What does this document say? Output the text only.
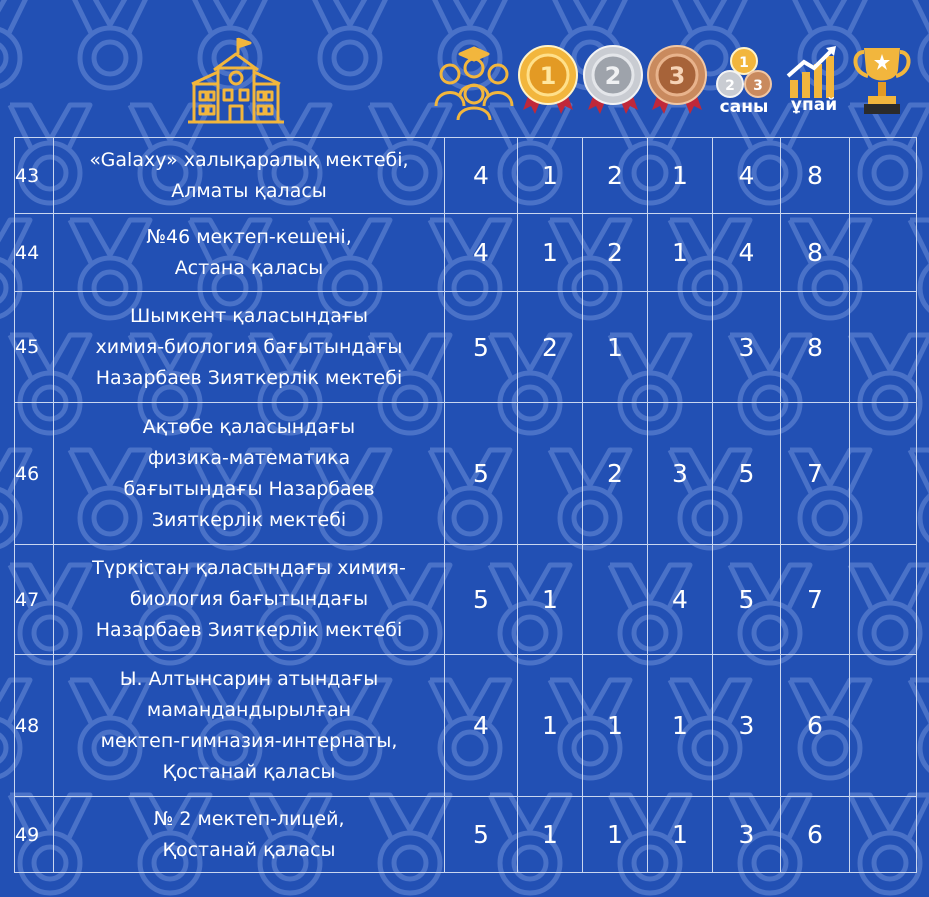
1 2 3	1
2 3
саны ұпай
43	«Galaxy» халықаралық мектебі,
Алматы қаласы	4	1	2	1	4	8	
44	№46 мектеп-кешені,
Астана қаласы	4	1	2	1	4	8	
45	Шымкент қаласындағы
химия-биология бағытындағы
Назарбаев Зияткерлік мектебі	5	2	1		3	8	
46	Ақтөбе қаласындағы
физика-математика
бағытындағы Назарбаев
Зияткерлік мектебі	5		2	3	5	7	
47	Түркістан қаласындағы химия-
биология бағытындағы
Назарбаев Зияткерлік мектебі	5	1		4	5	7	
48	Ы. Алтынсарин атындағы
мамандандырылған
мектеп-гимназия-интернаты,
Қостанай қаласы	4	1	1	1	3	6	
49	№ 2 мектеп-лицей,
Қостанай қаласы	5	1	1	1	3	6	
